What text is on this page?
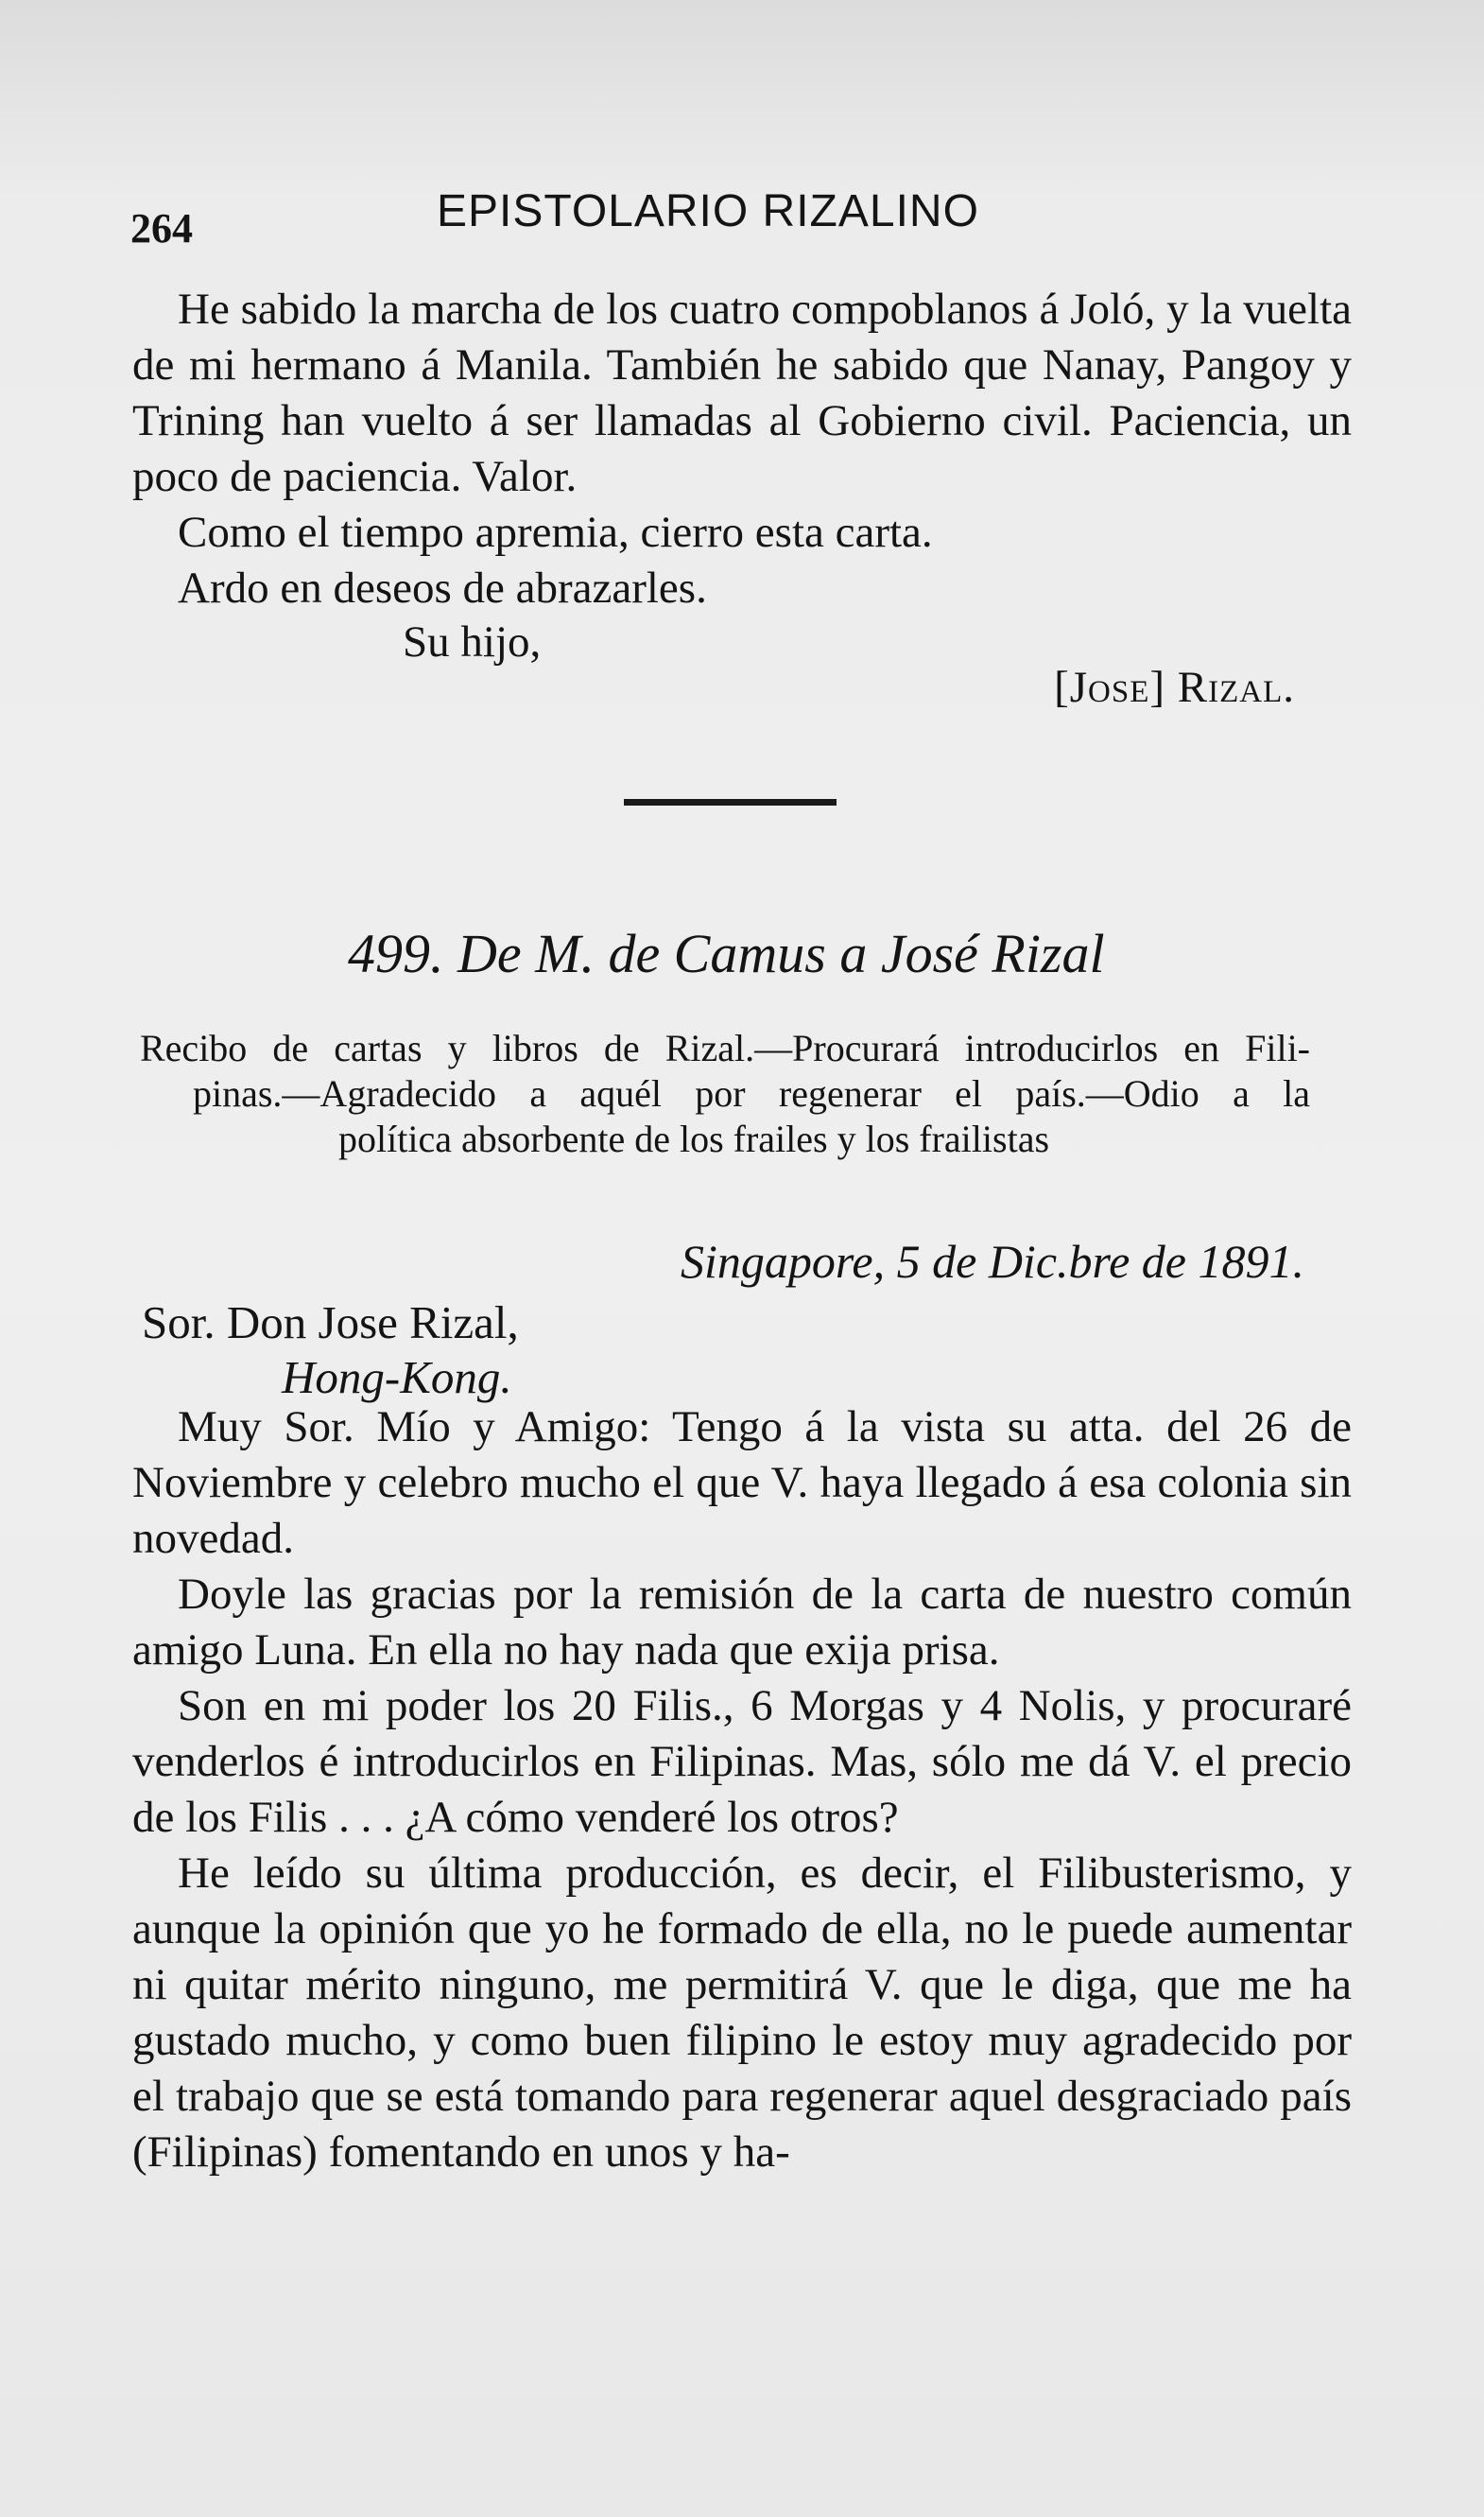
264	EPISTOLARIO RIZALINO

He sabido la marcha de los cuatro compoblanos á Joló, y la vuelta de mi hermano á Manila. También he sabido que Nanay, Pangoy y Trining han vuelto á ser llamadas al Gobierno civil. Paciencia, un poco de paciencia. Valor.

Como el tiempo apremia, cierro esta carta.

Ardo en deseos de abrazarles.

Su hijo,
[Jose] Rizal.
499. De M. de Camus a José Rizal
Recibo de cartas y libros de Rizal.—Procurará introducirlos en Fili-
pinas.—Agradecido a aquél por regenerar el país.—Odio a la
política absorbente de los frailes y los frailistas
Singapore, 5 de Dic.bre de 1891.
Sor. Don Jose Rizal,
Hong-Kong.

Muy Sor. Mío y Amigo: Tengo á la vista su atta. del 26 de Noviembre y celebro mucho el que V. haya llegado á esa colonia sin novedad.

Doyle las gracias por la remisión de la carta de nuestro común amigo Luna. En ella no hay nada que exija prisa.

Son en mi poder los 20 Filis., 6 Morgas y 4 Nolis, y procuraré venderlos é introducirlos en Filipinas. Mas, sólo me dá V. el precio de los Filis . . . ¿A cómo venderé los otros?

He leído su última producción, es decir, el Filibusterismo, y aunque la opinión que yo he formado de ella, no le puede aumentar ni quitar mérito ninguno, me permitirá V. que le diga, que me ha gustado mucho, y como buen filipino le estoy muy agradecido por el trabajo que se está tomando para regenerar aquel desgraciado país (Filipinas) fomentando en unos y ha-
